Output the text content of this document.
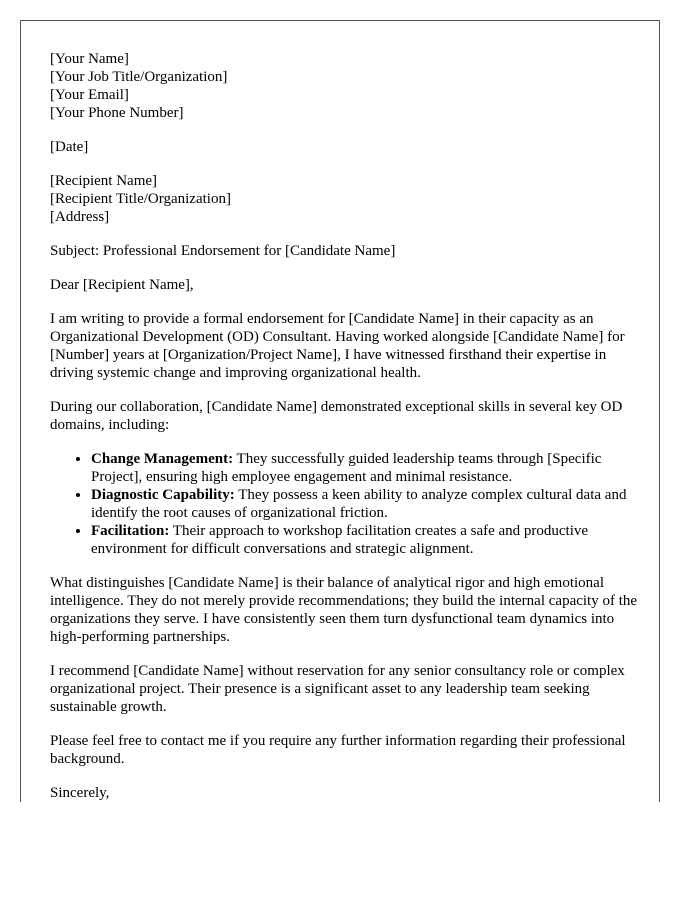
[Your Name]
[Your Job Title/Organization]
[Your Email]
[Your Phone Number]
[Date]
[Recipient Name]
[Recipient Title/Organization]
[Address]

Subject: Professional Endorsement for [Candidate Name]

Dear [Recipient Name],

I am writing to provide a formal endorsement for [Candidate Name] in their capacity as an Organizational Development (OD) Consultant. Having worked alongside [Candidate Name] for [Number] years at [Organization/Project Name], I have witnessed firsthand their expertise in driving systemic change and improving organizational health.

During our collaboration, [Candidate Name] demonstrated exceptional skills in several key OD domains, including:

• Change Management: They successfully guided leadership teams through [Specific Project], ensuring high employee engagement and minimal resistance.
• Diagnostic Capability: They possess a keen ability to analyze complex cultural data and identify the root causes of organizational friction.
• Facilitation: Their approach to workshop facilitation creates a safe and productive environment for difficult conversations and strategic alignment.

What distinguishes [Candidate Name] is their balance of analytical rigor and high emotional intelligence. They do not merely provide recommendations; they build the internal capacity of the organizations they serve. I have consistently seen them turn dysfunctional team dynamics into high-performing partnerships.

I recommend [Candidate Name] without reservation for any senior consultancy role or complex organizational project. Their presence is a significant asset to any leadership team seeking sustainable growth.

Please feel free to contact me if you require any further information regarding their professional background.

Sincerely,
